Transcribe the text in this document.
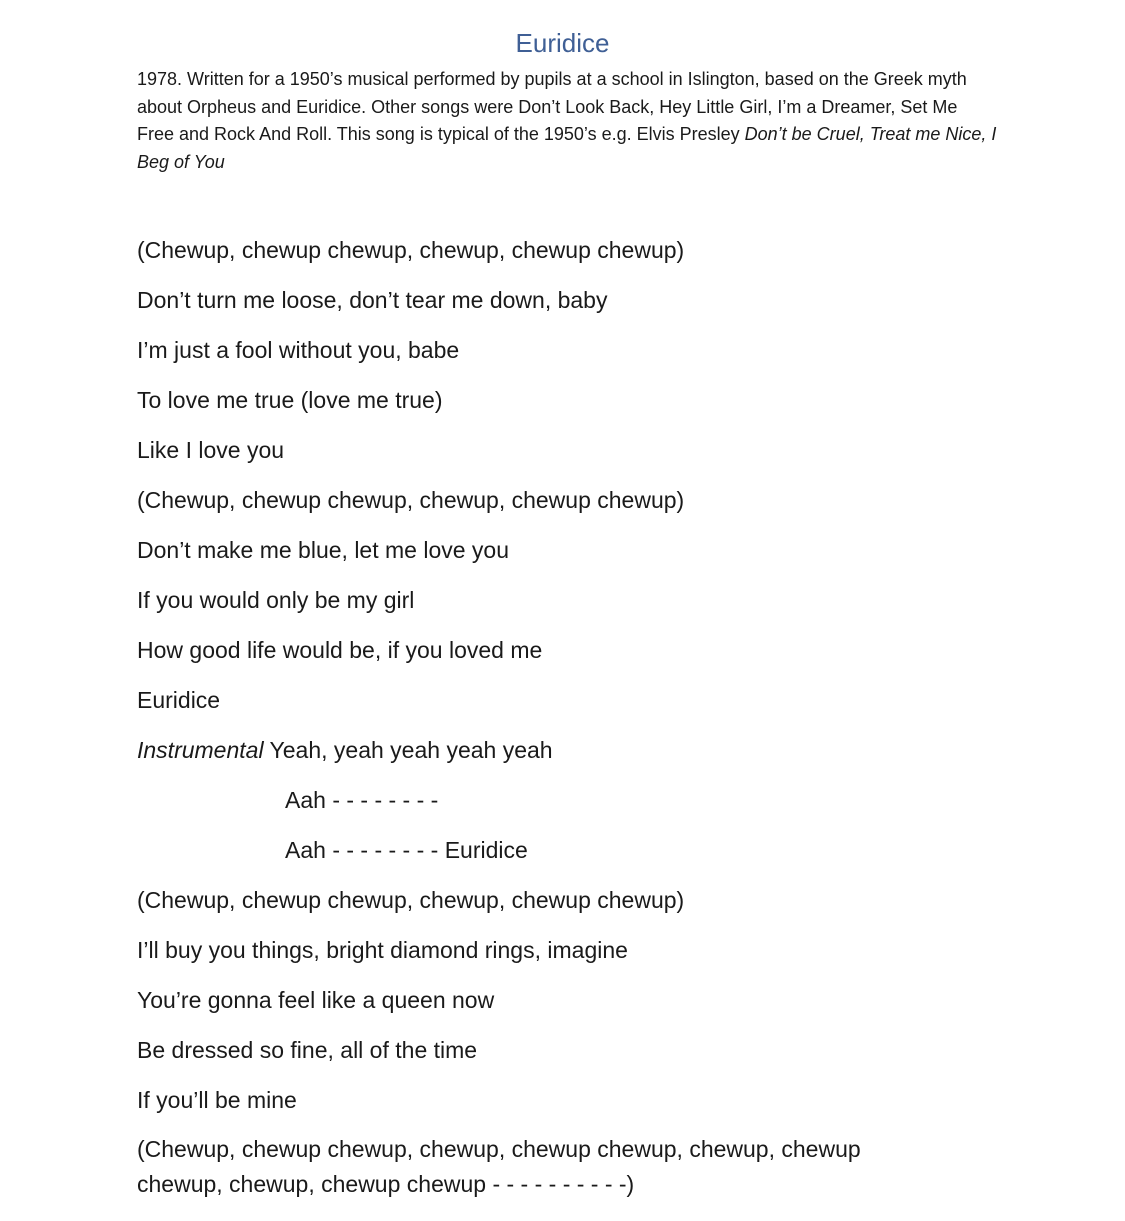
Euridice

1978. Written for a 1950’s musical performed by pupils at a school in Islington, based on the Greek myth about Orpheus and Euridice. Other songs were Don’t Look Back, Hey Little Girl, I’m a Dreamer, Set Me Free and Rock And Roll. This song is typical of the 1950’s e.g. Elvis Presley Don’t be Cruel, Treat me Nice, I Beg of You

(Chewup, chewup chewup, chewup, chewup chewup)
Don’t turn me loose, don’t tear me down, baby
I’m just a fool without you, babe
To love me true (love me true)
Like I love you
(Chewup, chewup chewup, chewup, chewup chewup)
Don’t make me blue, let me love you
If you would only be my girl
How good life would be, if you loved me
Euridice
Instrumental Yeah, yeah yeah yeah yeah
Aah - - - - - - - -
Aah - - - - - - - - Euridice
(Chewup, chewup chewup, chewup, chewup chewup)
I’ll buy you things, bright diamond rings, imagine
You’re gonna feel like a queen now
Be dressed so fine, all of the time
If you’ll be mine
(Chewup, chewup chewup, chewup, chewup chewup, chewup, chewup chewup, chewup, chewup chewup - - - - - - - - - -)
